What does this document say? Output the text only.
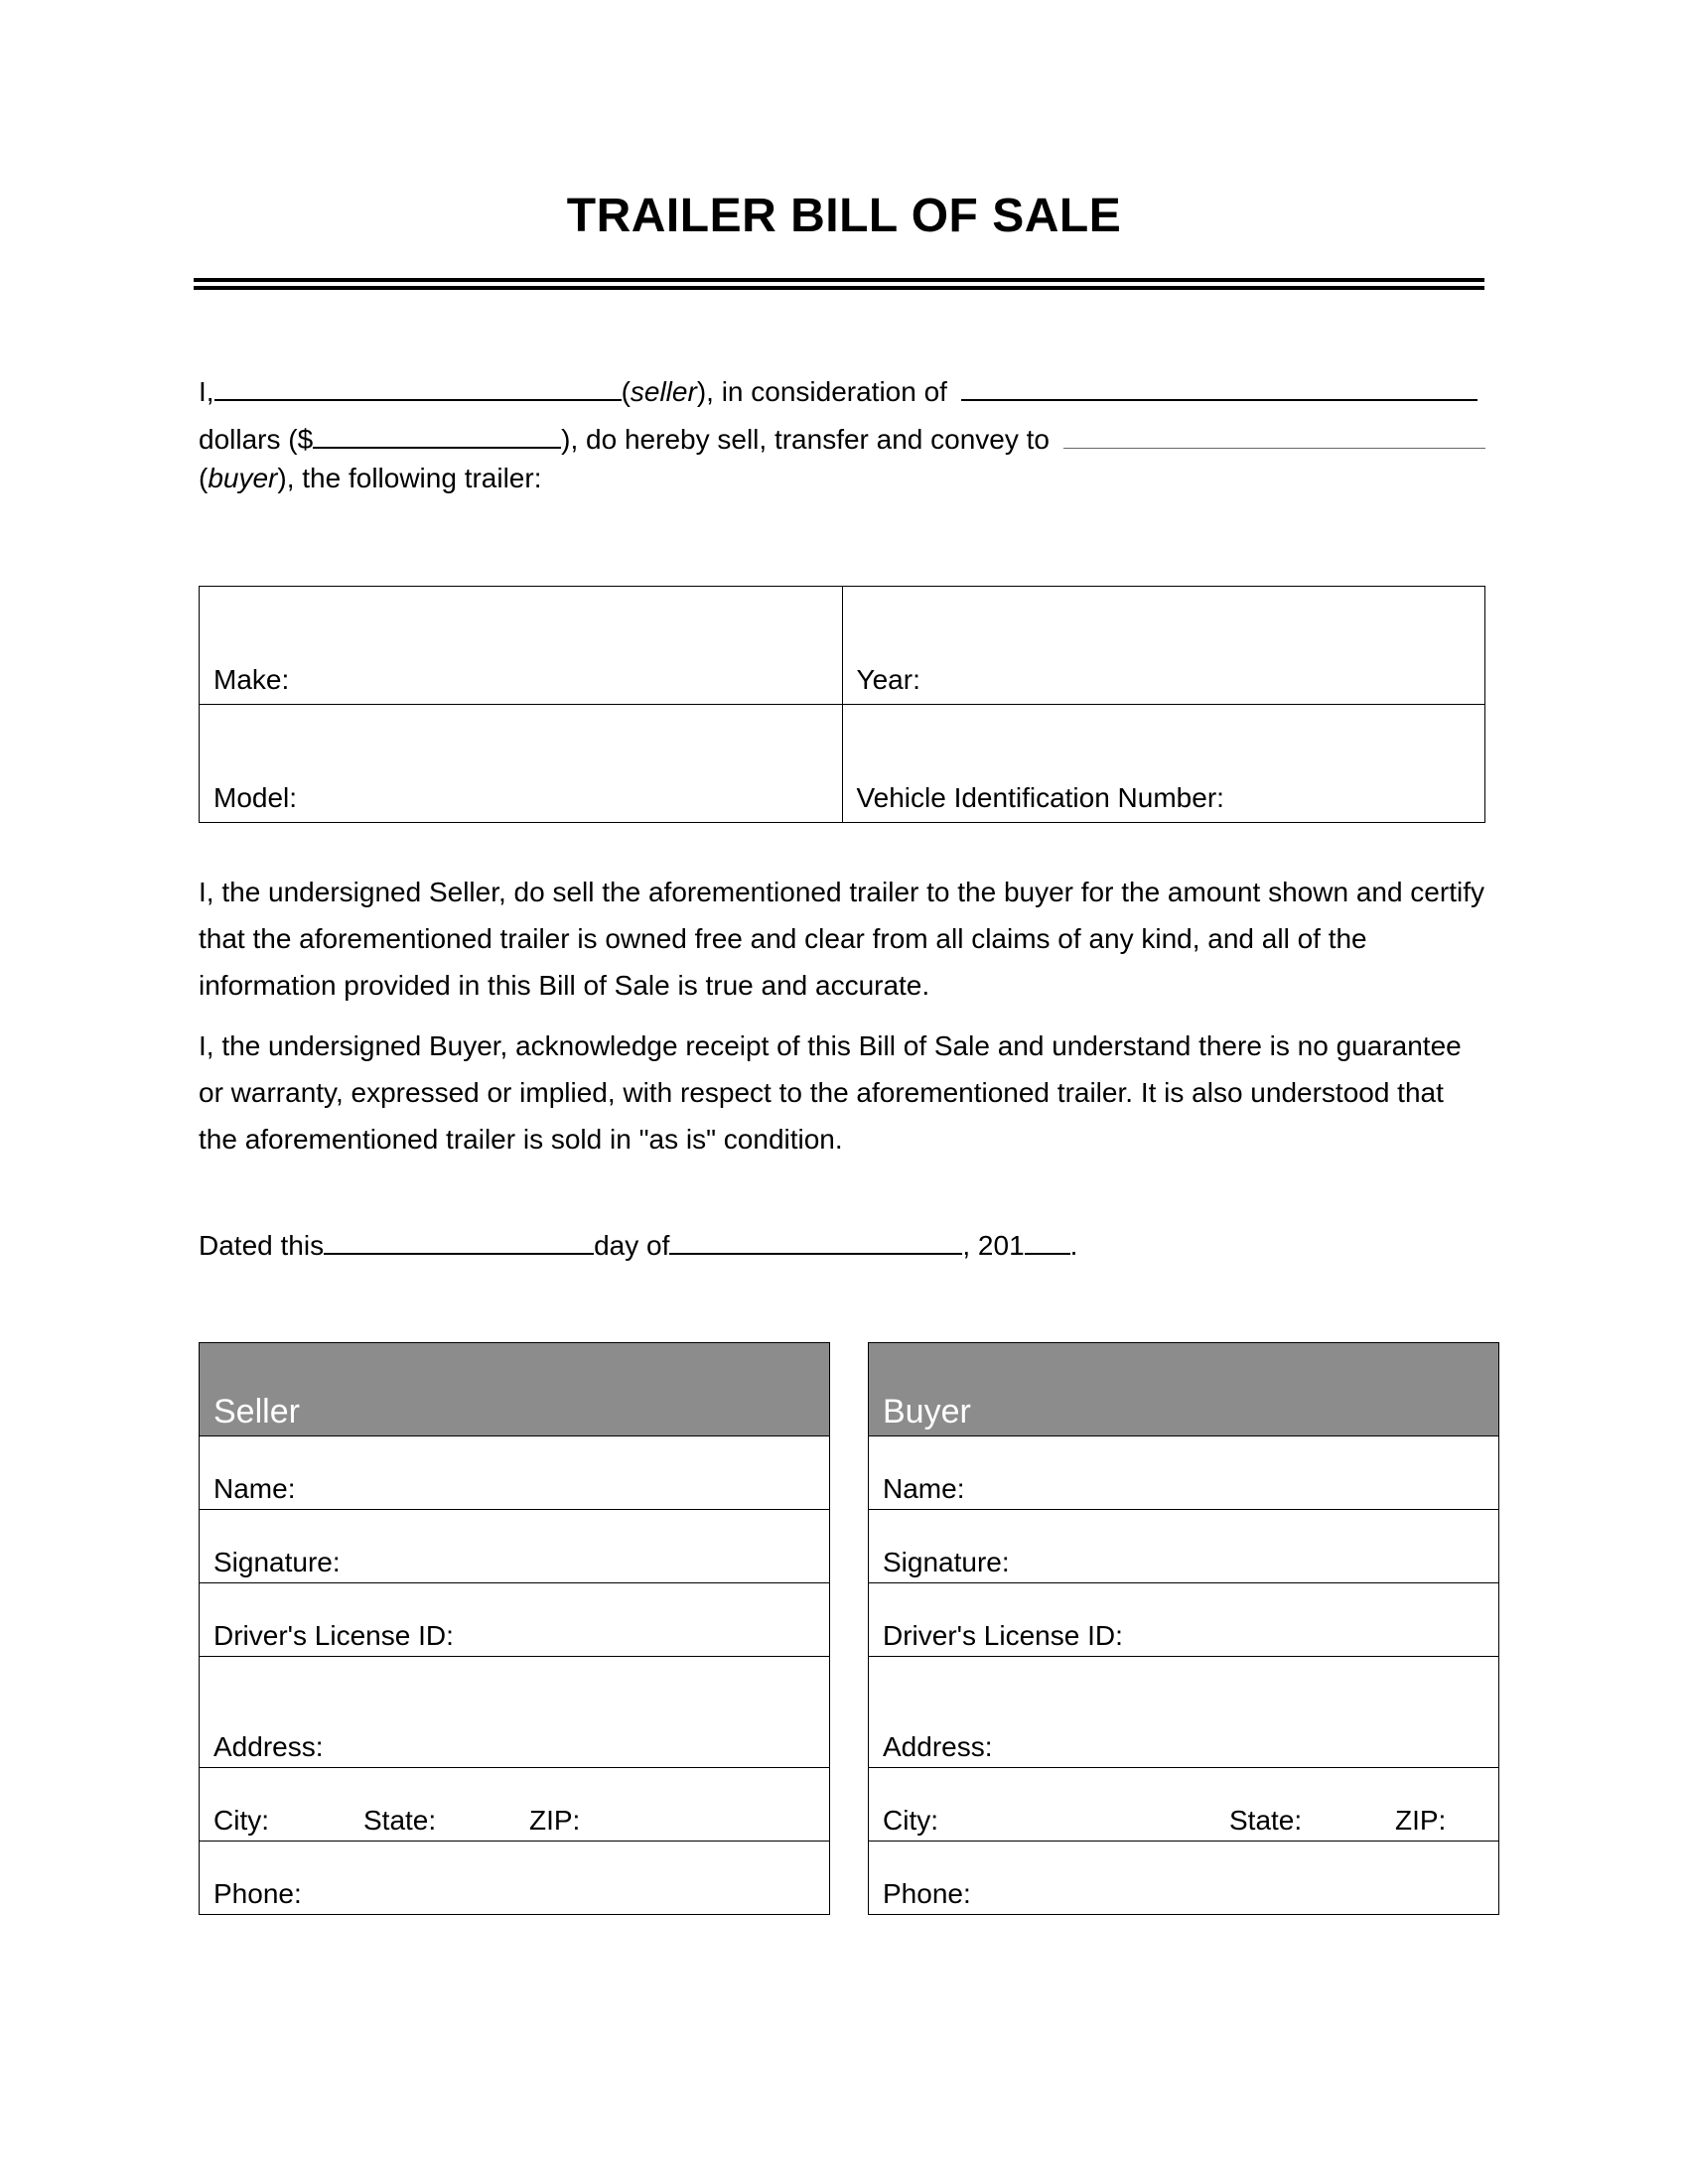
TRAILER BILL OF SALE
I,	(seller), in consideration of
dollars ($	), do hereby sell, transfer and convey to
(buyer), the following trailer:
Make:	Year:
Model:	Vehicle Identification Number:
I, the undersigned Seller, do sell the aforementioned trailer to the buyer for the amount shown and certify that the aforementioned trailer is owned free and clear from all claims of any kind, and all of the information provided in this Bill of Sale is true and accurate.
I, the undersigned Buyer, acknowledge receipt of this Bill of Sale and understand there is no guarantee or warranty, expressed or implied, with respect to the aforementioned trailer. It is also understood that the aforementioned trailer is sold in "as is" condition.
Dated this	day of	, 201 .
Seller
Name:
Signature:
Driver's License ID:
Address:
City:	State:	ZIP:
Phone:
Buyer
Name:
Signature:
Driver's License ID:
Address:
City:	State:	ZIP:
Phone:
